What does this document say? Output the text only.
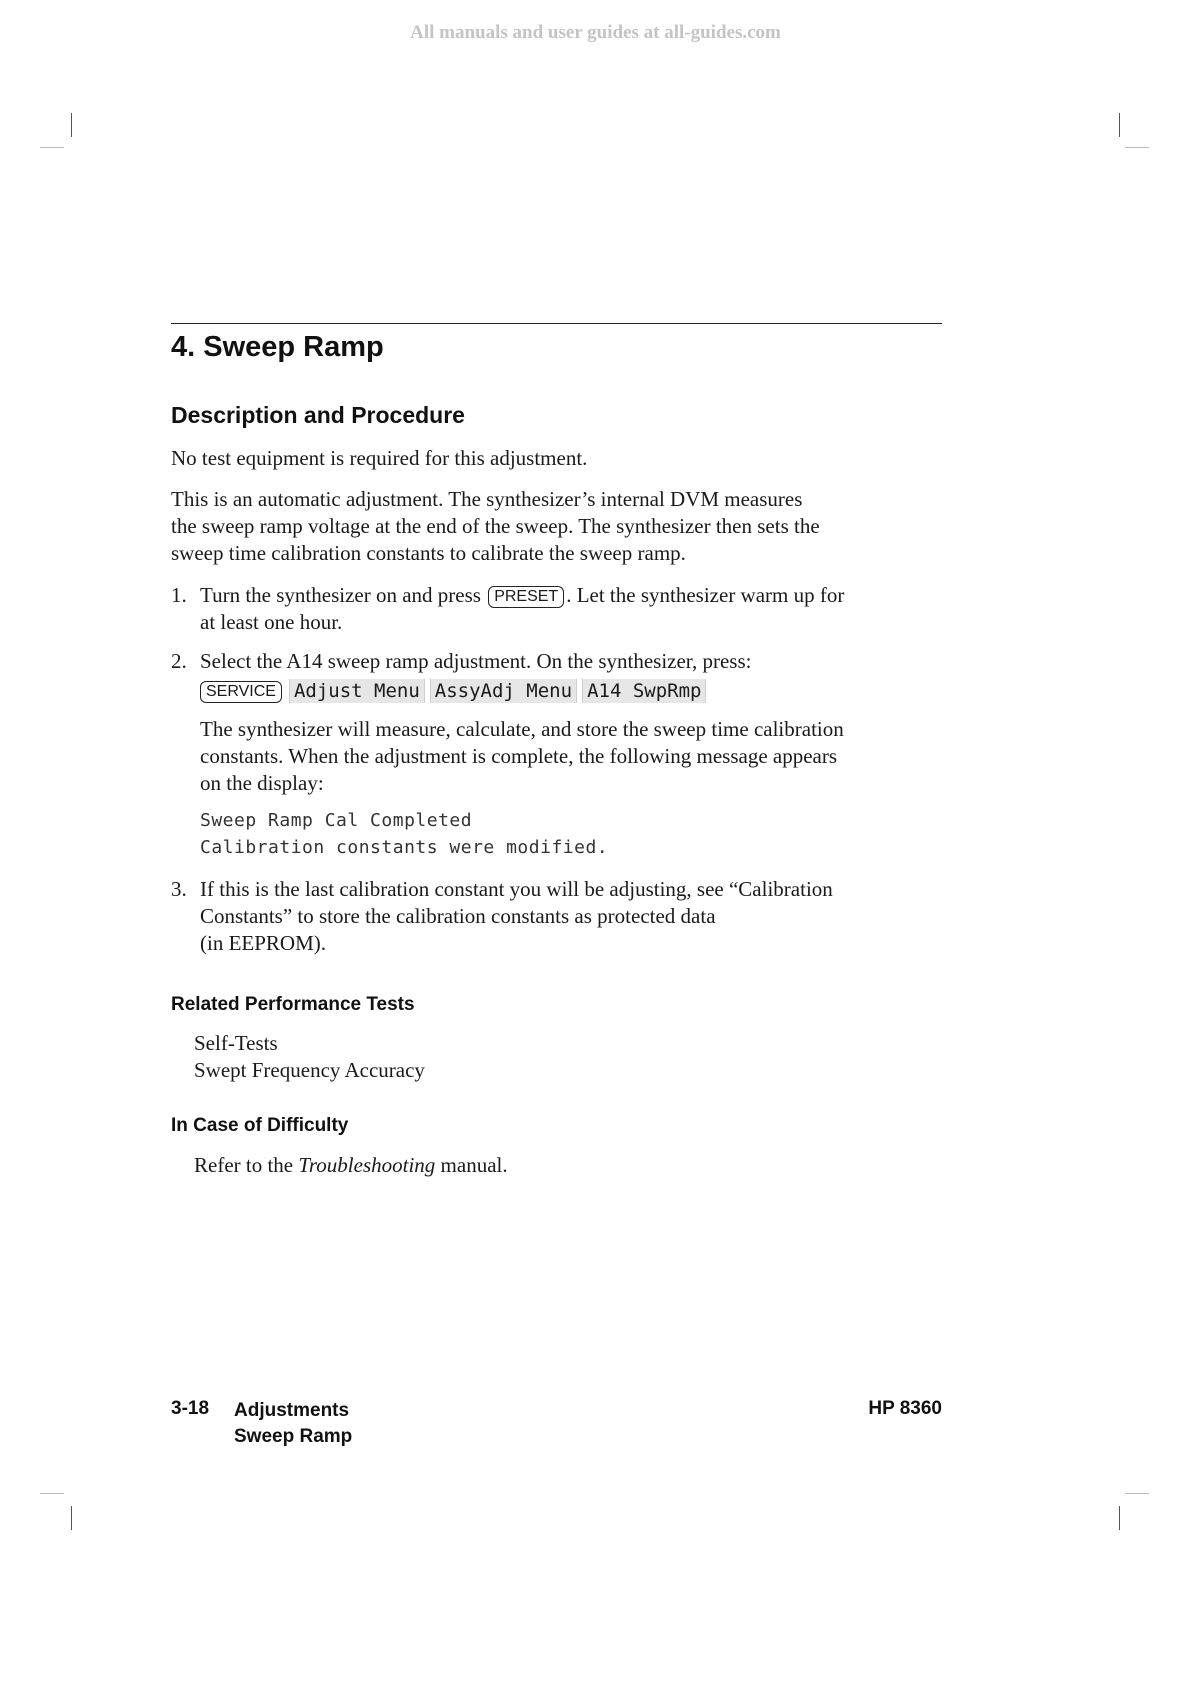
All manuals and user guides at all-guides.com
4. Sweep Ramp
Description and Procedure
No test equipment is required for this adjustment.
This is an automatic adjustment. The synthesizer’s internal DVM measures
the sweep ramp voltage at the end of the sweep. The synthesizer then sets the
sweep time calibration constants to calibrate the sweep ramp.
1. Turn the synthesizer on and press PRESET . Let the synthesizer warm up for
at least one hour.
2. Select the A14 sweep ramp adjustment. On the synthesizer, press:
SERVICE Adjust Menu AssyAdj Menu A14 SwpRmp
The synthesizer will measure, calculate, and store the sweep time calibration
constants. When the adjustment is complete, the following message appears
on the display:
Sweep Ramp Cal Completed
Calibration constants were modified.
3. If this is the last calibration constant you will be adjusting, see “Calibration
Constants” to store the calibration constants as protected data
(in EEPROM).
Related Performance Tests
Self-Tests
Swept Frequency Accuracy
In Case of Difficulty
Refer to the Troubleshooting manual.
3-18 Adjustments
Sweep Ramp
HP 8360
